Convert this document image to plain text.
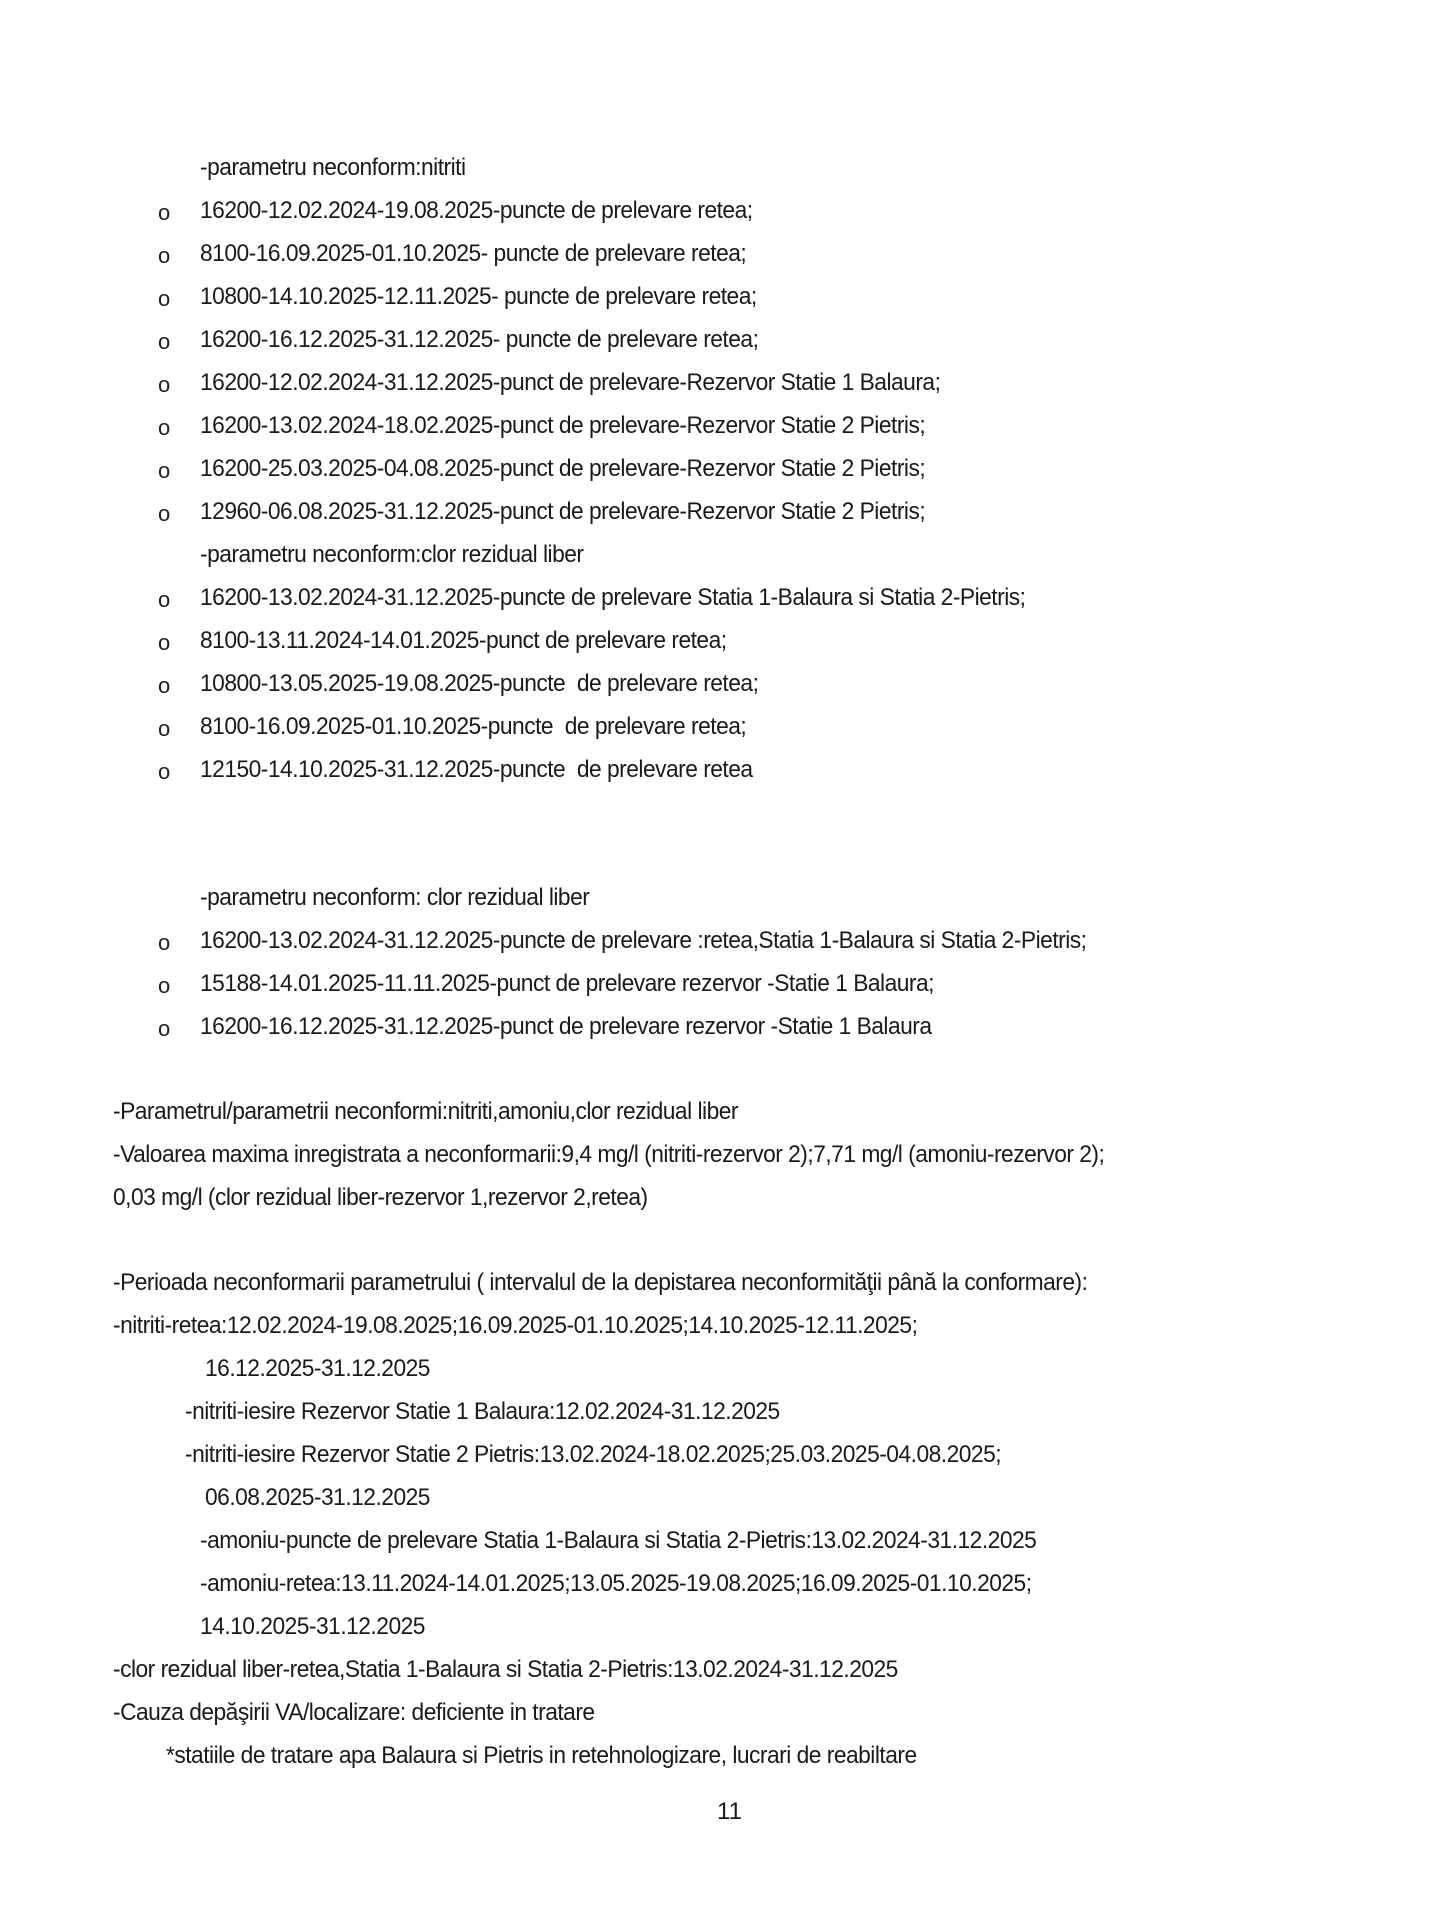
-parametru neconform:nitriti
o 16200-12.02.2024-19.08.2025-puncte de prelevare retea;
o 8100-16.09.2025-01.10.2025- puncte de prelevare retea;
o 10800-14.10.2025-12.11.2025- puncte de prelevare retea;
o 16200-16.12.2025-31.12.2025- puncte de prelevare retea;
o 16200-12.02.2024-31.12.2025-punct de prelevare-Rezervor Statie 1 Balaura;
o 16200-13.02.2024-18.02.2025-punct de prelevare-Rezervor Statie 2 Pietris;
o 16200-25.03.2025-04.08.2025-punct de prelevare-Rezervor Statie 2 Pietris;
o 12960-06.08.2025-31.12.2025-punct de prelevare-Rezervor Statie 2 Pietris;
-parametru neconform:clor rezidual liber
o 16200-13.02.2024-31.12.2025-puncte de prelevare Statia 1-Balaura si Statia 2-Pietris;
o 8100-13.11.2024-14.01.2025-punct de prelevare retea;
o 10800-13.05.2025-19.08.2025-puncte  de prelevare retea;
o 8100-16.09.2025-01.10.2025-puncte  de prelevare retea;
o 12150-14.10.2025-31.12.2025-puncte  de prelevare retea
-parametru neconform: clor rezidual liber
o 16200-13.02.2024-31.12.2025-puncte de prelevare :retea,Statia 1-Balaura si Statia 2-Pietris;
o 15188-14.01.2025-11.11.2025-punct de prelevare rezervor -Statie 1 Balaura;
o 16200-16.12.2025-31.12.2025-punct de prelevare rezervor -Statie 1 Balaura
-Parametrul/parametrii neconformi:nitriti,amoniu,clor rezidual liber
-Valoarea maxima inregistrata a neconformarii:9,4 mg/l (nitriti-rezervor 2);7,71 mg/l (amoniu-rezervor 2);
0,03 mg/l (clor rezidual liber-rezervor 1,rezervor 2,retea)
-Perioada neconformarii parametrului ( intervalul de la depistarea neconformităţii până la conformare):
-nitriti-retea:12.02.2024-19.08.2025;16.09.2025-01.10.2025;14.10.2025-12.11.2025;
16.12.2025-31.12.2025
-nitriti-iesire Rezervor Statie 1 Balaura:12.02.2024-31.12.2025
-nitriti-iesire Rezervor Statie 2 Pietris:13.02.2024-18.02.2025;25.03.2025-04.08.2025;
06.08.2025-31.12.2025
-amoniu-puncte de prelevare Statia 1-Balaura si Statia 2-Pietris:13.02.2024-31.12.2025
-amoniu-retea:13.11.2024-14.01.2025;13.05.2025-19.08.2025;16.09.2025-01.10.2025;
14.10.2025-31.12.2025
-clor rezidual liber-retea,Statia 1-Balaura si Statia 2-Pietris:13.02.2024-31.12.2025
-Cauza depăşirii VA/localizare: deficiente in tratare
*statiile de tratare apa Balaura si Pietris in retehnologizare, lucrari de reabiltare
11
